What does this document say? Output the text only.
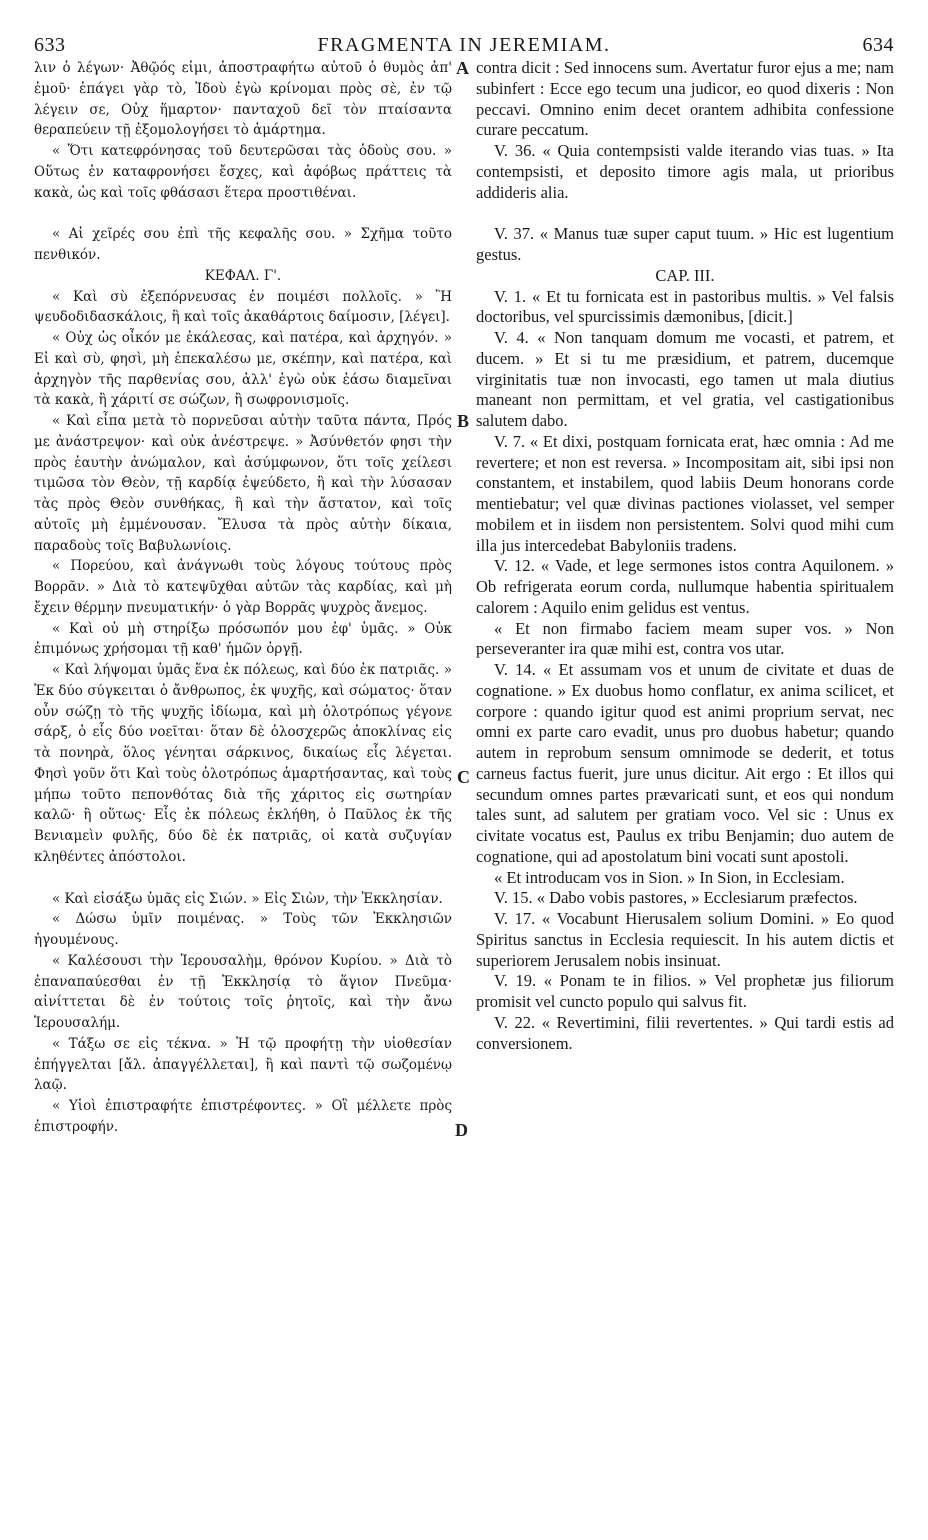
633	FRAGMENTA IN JEREMIAM.	634

λιν ὁ λέγων· Ἀθῷός εἰμι, ἀποστραφήτω αὐτοῦ ὁ θυμὸς ἀπ' ἐμοῦ· ἐπάγει γὰρ τὸ, Ἰδοὺ ἐγὼ κρίνομαι πρὸς σὲ, ἐν τῷ λέγειν σε, Οὐχ ἥμαρτον· πανταχοῦ δεῖ τὸν πταίσαντα θεραπεύειν τῇ ἐξομολογήσει τὸ ἁμάρτημα.

« Ὅτι κατεφρόνησας τοῦ δευτερῶσαι τὰς ὁδοὺς σου. » Οὕτως ἐν καταφρονήσει ἔσχες, καὶ ἀφόβως πράττεις τὰ κακὰ, ὡς καὶ τοῖς φθάσασι ἕτερα προστιθέναι.

« Αἱ χεῖρές σου ἐπὶ τῆς κεφαλῆς σου. » Σχῆμα τοῦτο πενθικόν.

ΚΕΦΑΛ. Γ'.

« Καὶ σὺ ἐξεπόρνευσας ἐν ποιμέσι πολλοῖς. » Ἢ ψευδοδιδασκάλοις, ἢ καὶ τοῖς ἀκαθάρτοις δαίμοσιν, [λέγει].

« Οὐχ ὡς οἶκόν με ἐκάλεσας, καὶ πατέρα, καὶ ἀρχηγόν. » Εἰ καὶ σὺ, φησὶ, μὴ ἐπεκαλέσω με, σκέπην, καὶ πατέρα, καὶ ἀρχηγὸν τῆς παρθενίας σου, ἀλλ' ἐγὼ οὐκ ἐάσω διαμεῖναι τὰ κακὰ, ἢ χάριτί σε σώζων, ἢ σωφρονισμοῖς.

« Καὶ εἶπα μετὰ τὸ πορνεῦσαι αὐτὴν ταῦτα πάντα, Πρός με ἀνάστρεψον· καὶ οὐκ ἀνέστρεψε. » Ἀσύνθετόν φησι τὴν πρὸς ἑαυτὴν ἀνώμαλον, καὶ ἀσύμφωνον, ὅτι τοῖς χείλεσι τιμῶσα τὸν Θεὸν, τῇ καρδίᾳ ἐψεύδετο, ἢ καὶ τὴν λύσασαν τὰς πρὸς Θεὸν συνθήκας, ἢ καὶ τὴν ἄστατον, καὶ τοῖς αὐτοῖς μὴ ἐμμένουσαν. Ἔλυσα τὰ πρὸς αὐτὴν δίκαια, παραδοὺς τοῖς Βαβυλωνίοις.

« Πορεύου, καὶ ἀνάγνωθι τοὺς λόγους τούτους πρὸς Βορρᾶν. » Διὰ τὸ κατεψῦχθαι αὐτῶν τὰς καρδίας, καὶ μὴ ἔχειν θέρμην πνευματικήν· ὁ γὰρ Βορρᾶς ψυχρὸς ἄνεμος.

« Καὶ οὐ μὴ στηρίξω πρόσωπόν μου ἐφ' ὑμᾶς. » Οὐκ ἐπιμόνως χρήσομαι τῇ καθ' ἡμῶν ὀργῇ.

« Καὶ λήψομαι ὑμᾶς ἕνα ἐκ πόλεως, καὶ δύο ἐκ πατριᾶς. » Ἐκ δύο σύγκειται ὁ ἄνθρωπος, ἐκ ψυχῆς, καὶ σώματος· ὅταν οὖν σώζῃ τὸ τῆς ψυχῆς ἰδίωμα, καὶ μὴ ὁλοτρόπως γέγονε σάρξ, ὁ εἷς δύο νοεῖται· ὅταν δὲ ὁλοσχερῶς ἀποκλίνας εἰς τὰ πονηρὰ, ὅλος γένηται σάρκινος, δικαίως εἷς λέγεται. Φησὶ γοῦν ὅτι Καὶ τοὺς ὁλοτρόπως ἁμαρτήσαντας, καὶ τοὺς μήπω τοῦτο πεπονθότας διὰ τῆς χάριτος εἰς σωτηρίαν καλῶ· ἢ οὕτως· Εἷς ἐκ πόλεως ἐκλήθη, ὁ Παῦλος ἐκ τῆς Βενιαμεὶν φυλῆς, δύο δὲ ἐκ πατριᾶς, οἱ κατὰ συζυγίαν κληθέντες ἀπόστολοι.

« Καὶ εἰσάξω ὑμᾶς εἰς Σιών. » Εἰς Σιὼν, τὴν Ἐκκλησίαν.

« Δώσω ὑμῖν ποιμένας. » Τοὺς τῶν Ἐκκλησιῶν ἡγουμένους.

« Καλέσουσι τὴν Ἱερουσαλὴμ, θρόνον Κυρίου. » Διὰ τὸ ἐπαναπαύεσθαι ἐν τῇ Ἐκκλησίᾳ τὸ ἅγιον Πνεῦμα· αἰνίττεται δὲ ἐν τούτοις τοῖς ῥητοῖς, καὶ τὴν ἄνω Ἱερουσαλήμ.

« Τάξω σε εἰς τέκνα. » Ἡ τῷ προφήτῃ τὴν υἱοθεσίαν ἐπήγγελται [ἄλ. ἀπαγγέλλεται], ἢ καὶ παντὶ τῷ σωζομένῳ λαῷ.

« Υἱοὶ ἐπιστραφήτε ἐπιστρέφοντες. » Οἳ μέλλετε πρὸς ἐπιστροφήν.

contra dicit : Sed innocens sum. Avertatur furor ejus a me; nam subinfert : Ecce ego tecum una judicor, eo quod dixeris : Non peccavi. Omnino enim decet orantem adhibita confessione curare peccatum.

V. 36. « Quia contempsisti valde iterando vias tuas. » Ita contempsisti, et deposito timore agis mala, ut prioribus addideris alia.

V. 37. « Manus tuæ super caput tuum. » Hic est lugentium gestus.

CAP. III.

V. 1. « Et tu fornicata est in pastoribus multis. » Vel falsis doctoribus, vel spurcissimis dæmonibus, [dicit.]

V. 4. « Non tanquam domum me vocasti, et patrem, et ducem. » Et si tu me præsidium, et patrem, ducemque virginitatis tuæ non invocasti, ego tamen ut mala diutius maneant non permittam, et vel gratia, vel castigationibus salutem dabo.

V. 7. « Et dixi, postquam fornicata erat, hæc omnia : Ad me revertere; et non est reversa. » Incompositam ait, sibi ipsi non constantem, et instabilem, quod labiis Deum honorans corde mentiebatur; vel quæ divinas pactiones violasset, vel semper mobilem et in iisdem non persistentem. Solvi quod mihi cum illa jus intercedebat Babyloniis tradens.

V. 12. « Vade, et lege sermones istos contra Aquilonem. » Ob refrigerata eorum corda, nullumque habentia spiritualem calorem : Aquilo enim gelidus est ventus.

« Et non firmabo faciem meam super vos. » Non perseveranter ira quæ mihi est, contra vos utar.

V. 14. « Et assumam vos et unum de civitate et duas de cognatione. » Ex duobus homo conflatur, ex anima scilicet, et corpore : quando igitur quod est animi proprium servat, nec omni ex parte caro evadit, unus pro duobus habetur; quando autem in reprobum sensum omnimode se dederit, et totus carneus factus fuerit, jure unus dicitur. Ait ergo : Et illos qui secundum omnes partes prævaricati sunt, et eos qui nondum tales sunt, ad salutem per gratiam voco. Vel sic : Unus ex civitate vocatus est, Paulus ex tribu Benjamin; duo autem de cognatione, qui ad apostolatum bini vocati sunt apostoli.

« Et introducam vos in Sion. » In Sion, in Ecclesiam.

V. 15. « Dabo vobis pastores, » Ecclesiarum præfectos.

V. 17. « Vocabunt Hierusalem solium Domini. » Eo quod Spiritus sanctus in Ecclesia requiescit. In his autem dictis et superiorem Jerusalem nobis insinuat.

V. 19. « Ponam te in filios. » Vel prophetæ jus filiorum promisit vel cuncto populo qui salvus fit.

V. 22. « Revertimini, filii revertentes. » Qui tardi estis ad conversionem.

A
B
C
D
